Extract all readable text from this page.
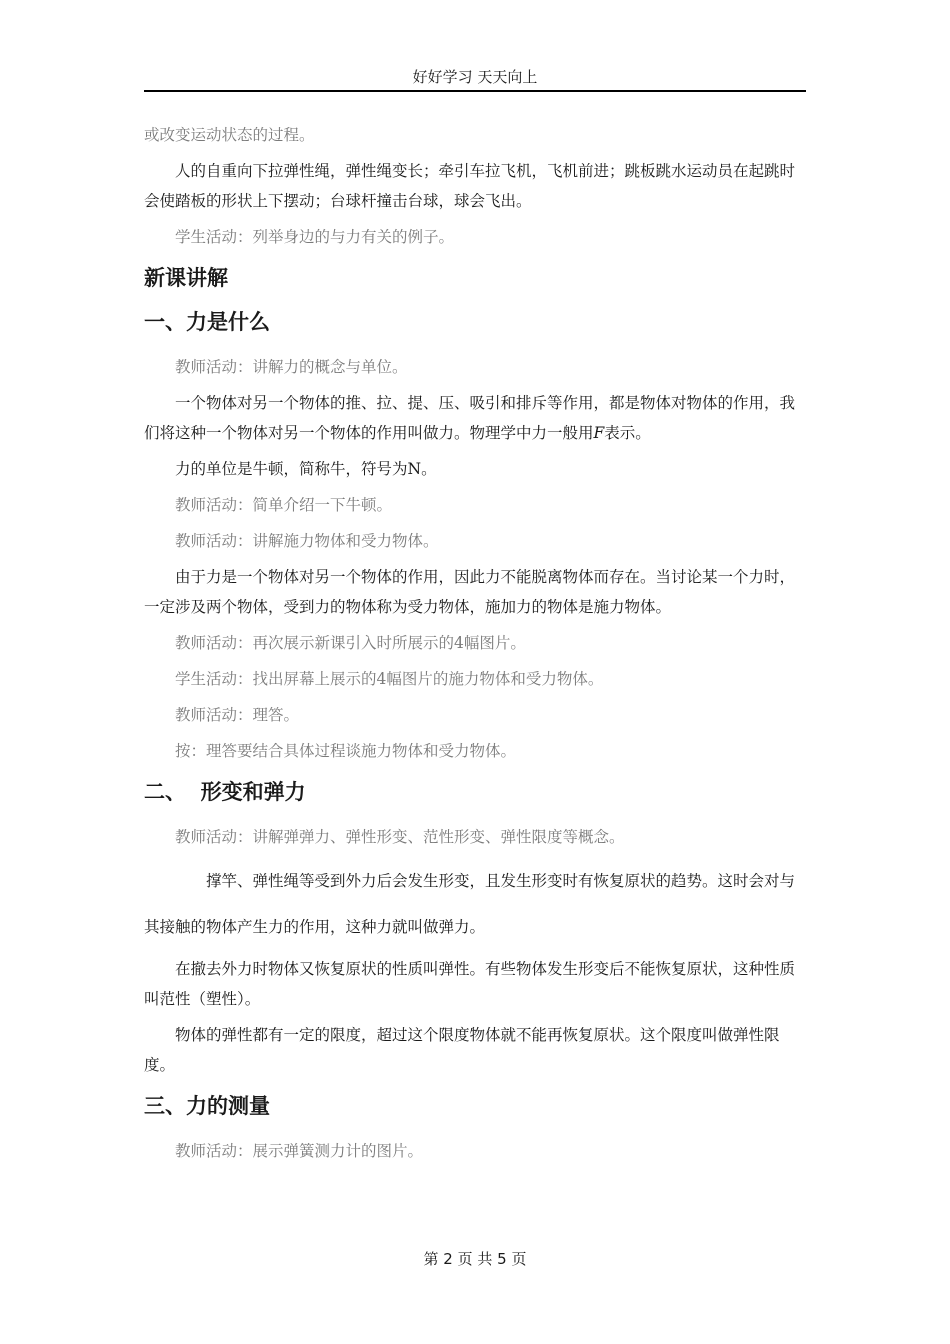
好好学习 天天向上

或改变运动状态的过程。

人的自重向下拉弹性绳，弹性绳变长；牵引车拉飞机，飞机前进；跳板跳水运动员在起跳时会使踏板的形状上下摆动；台球杆撞击台球，球会飞出。

学生活动：列举身边的与力有关的例子。

新课讲解
一、力是什么

教师活动：讲解力的概念与单位。

一个物体对另一个物体的推、拉、提、压、吸引和排斥等作用，都是物体对物体的作用，我们将这种一个物体对另一个物体的作用叫做力。物理学中力一般用F表示。

力的单位是牛顿，简称牛，符号为N。

教师活动：简单介绍一下牛顿。

教师活动：讲解施力物体和受力物体。

由于力是一个物体对另一个物体的作用，因此力不能脱离物体而存在。当讨论某一个力时，一定涉及两个物体，受到力的物体称为受力物体，施加力的物体是施力物体。

教师活动：再次展示新课引入时所展示的4幅图片。

学生活动：找出屏幕上展示的4幅图片的施力物体和受力物体。

教师活动：理答。

按：理答要结合具体过程谈施力物体和受力物体。

二、  形变和弹力

教师活动：讲解弹弹力、弹性形变、范性形变、弹性限度等概念。

撑竿、弹性绳等受到外力后会发生形变，且发生形变时有恢复原状的趋势。这时会对与其接触的物体产生力的作用，这种力就叫做弹力。

在撤去外力时物体又恢复原状的性质叫弹性。有些物体发生形变后不能恢复原状，这种性质叫范性（塑性）。

物体的弹性都有一定的限度，超过这个限度物体就不能再恢复原状。这个限度叫做弹性限度。

三、力的测量

教师活动：展示弹簧测力计的图片。

第 2 页 共 5 页
